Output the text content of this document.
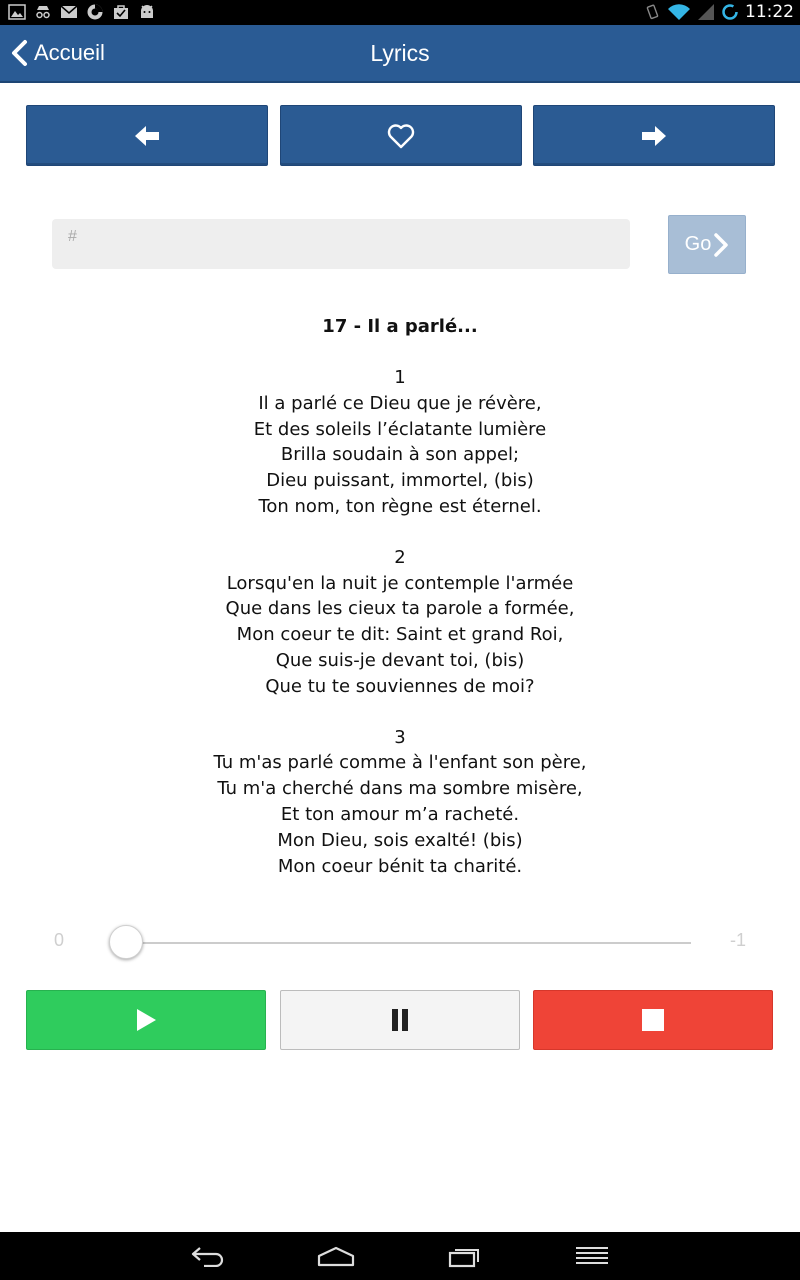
11:22
Accueil	Lyrics
#	Go
17 - Il a parlé...
1
Il a parlé ce Dieu que je révère,
Et des soleils l’éclatante lumière
Brilla soudain à son appel;
Dieu puissant, immortel, (bis)
Ton nom, ton règne est éternel.
2
Lorsqu'en la nuit je contemple l'armée
Que dans les cieux ta parole a formée,
Mon coeur te dit: Saint et grand Roi,
Que suis-je devant toi, (bis)
Que tu te souviennes de moi?
3
Tu m'as parlé comme à l'enfant son père,
Tu m'a cherché dans ma sombre misère,
Et ton amour m’a racheté.
Mon Dieu, sois exalté! (bis)
Mon coeur bénit ta charité.
0	-1
